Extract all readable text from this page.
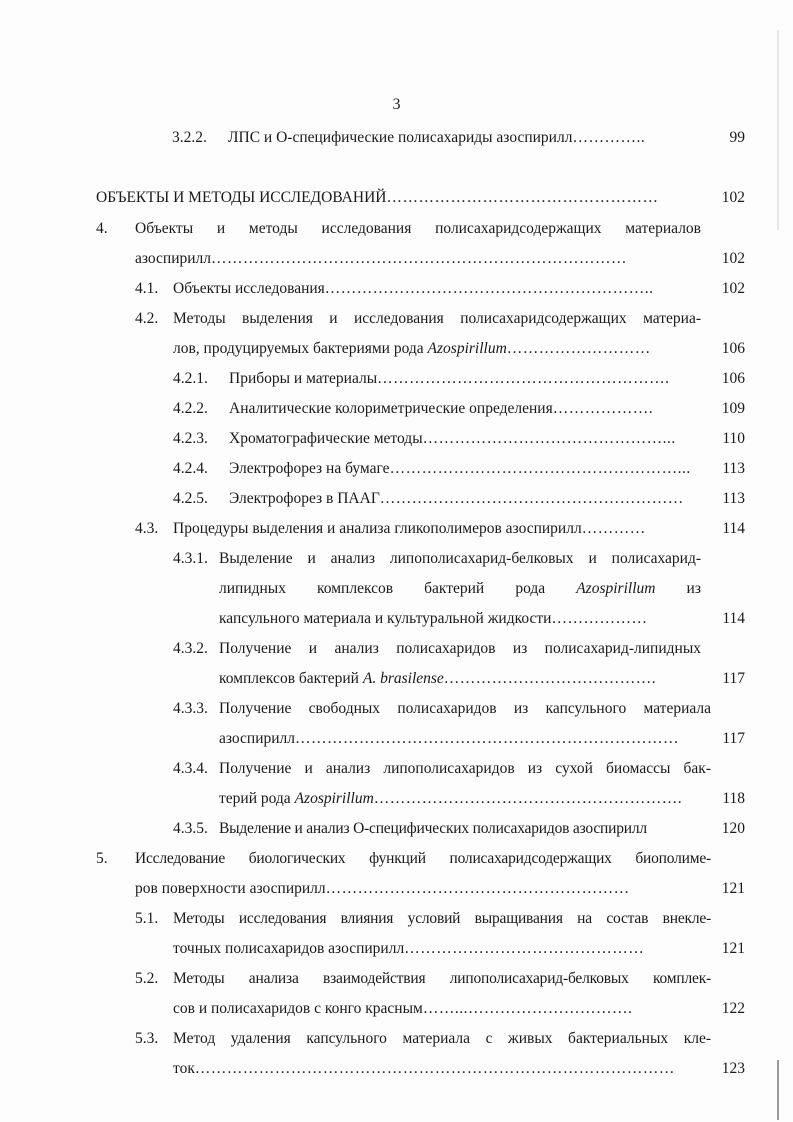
3
3.2.2. ЛПС и О-специфические полисахариды азоспирилл…………..	99
ОБЪЕКТЫ И МЕТОДЫ ИССЛЕДОВАНИЙ……………………………………………	102
4. Объекты и методы исследования полисахаридсодержащих материалов
азоспирилл……………………………………………………………………	102
4.1. Объекты исследования……………………………………………………..	102
4.2. Методы выделения и исследования полисахаридсодержащих материа-
лов, продуцируемых бактериями рода Azospirillum………………………	106
4.2.1. Приборы и материалы……………………………………………….	106
4.2.2. Аналитические колориметрические определения……………….	109
4.2.3. Хроматографические методы………………………………………...	110
4.2.4. Электрофорез на бумаге………………………………………………...	113
4.2.5. Электрофорез в ПААГ…………………………………………………	113
4.3. Процедуры выделения и анализа гликополимеров азоспирилл…………	114
4.3.1. Выделение и анализ липополисахарид-белковых и полисахарид-
липидных комплексов бактерий рода Azospirillum из
капсульного материала и культуральной жидкости………………	114
4.3.2. Получение и анализ полисахаридов из полисахарид-липидных
комплексов бактерий A. brasilense………………………………….	117
4.3.3. Получение свободных полисахаридов из капсульного материала
азоспирилл………………………………………………………………	117
4.3.4. Получение и анализ липополисахаридов из сухой биомассы бак-
терий рода Azospirillum………………………………………………….	118
4.3.5. Выделение и анализ О-специфических полисахаридов азоспирилл	120
5. Исследование биологических функций полисахаридсодержащих биополиме-
ров поверхности азоспирилл…………………………………………………	121
5.1. Методы исследования влияния условий выращивания на состав внекле-
точных полисахаридов азоспирилл………………………………………	121
5.2. Методы анализа взаимодействия липополисахарид-белковых комплек-
сов и полисахаридов с конго красным……...………………………….	122
5.3. Метод удаления капсульного материала с живых бактериальных кле-
ток………………………………………………………………………………	123
